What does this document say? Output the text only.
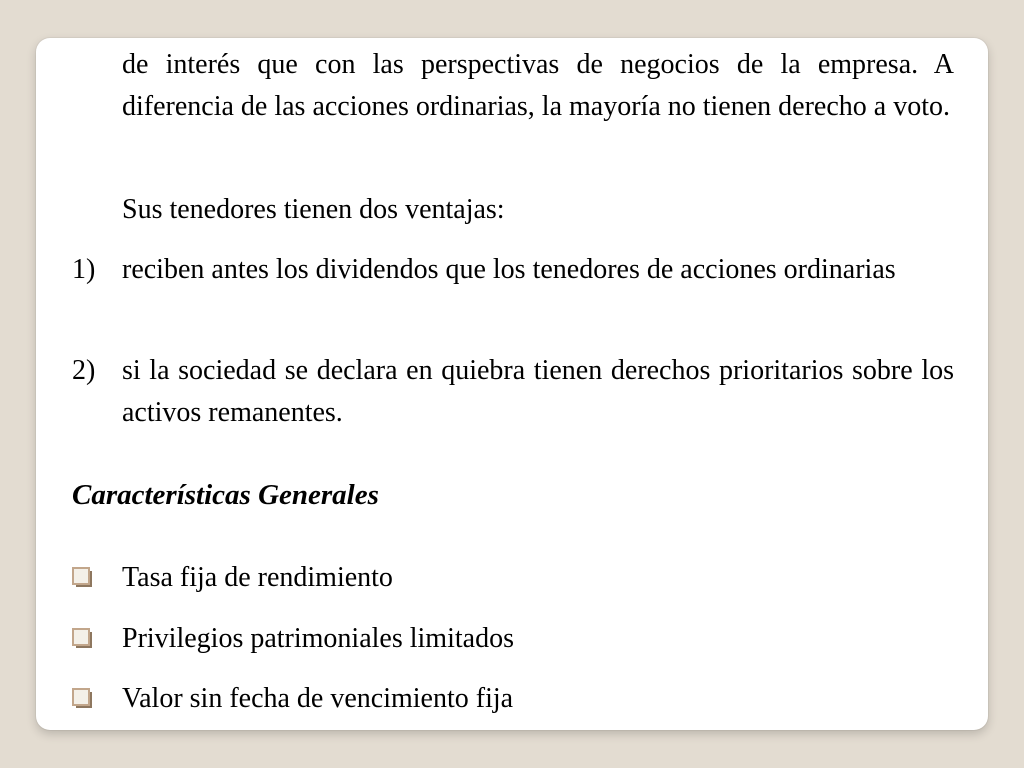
de interés que con las perspectivas de negocios de la empresa. A diferencia de las acciones ordinarias, la mayoría no tienen derecho a voto.
Sus tenedores tienen dos ventajas:
1) reciben antes los dividendos que los tenedores de acciones ordinarias
2) si la sociedad se declara en quiebra tienen derechos prioritarios sobre los activos remanentes.
Características Generales
Tasa fija de rendimiento
Privilegios patrimoniales limitados
Valor sin fecha de vencimiento fija
